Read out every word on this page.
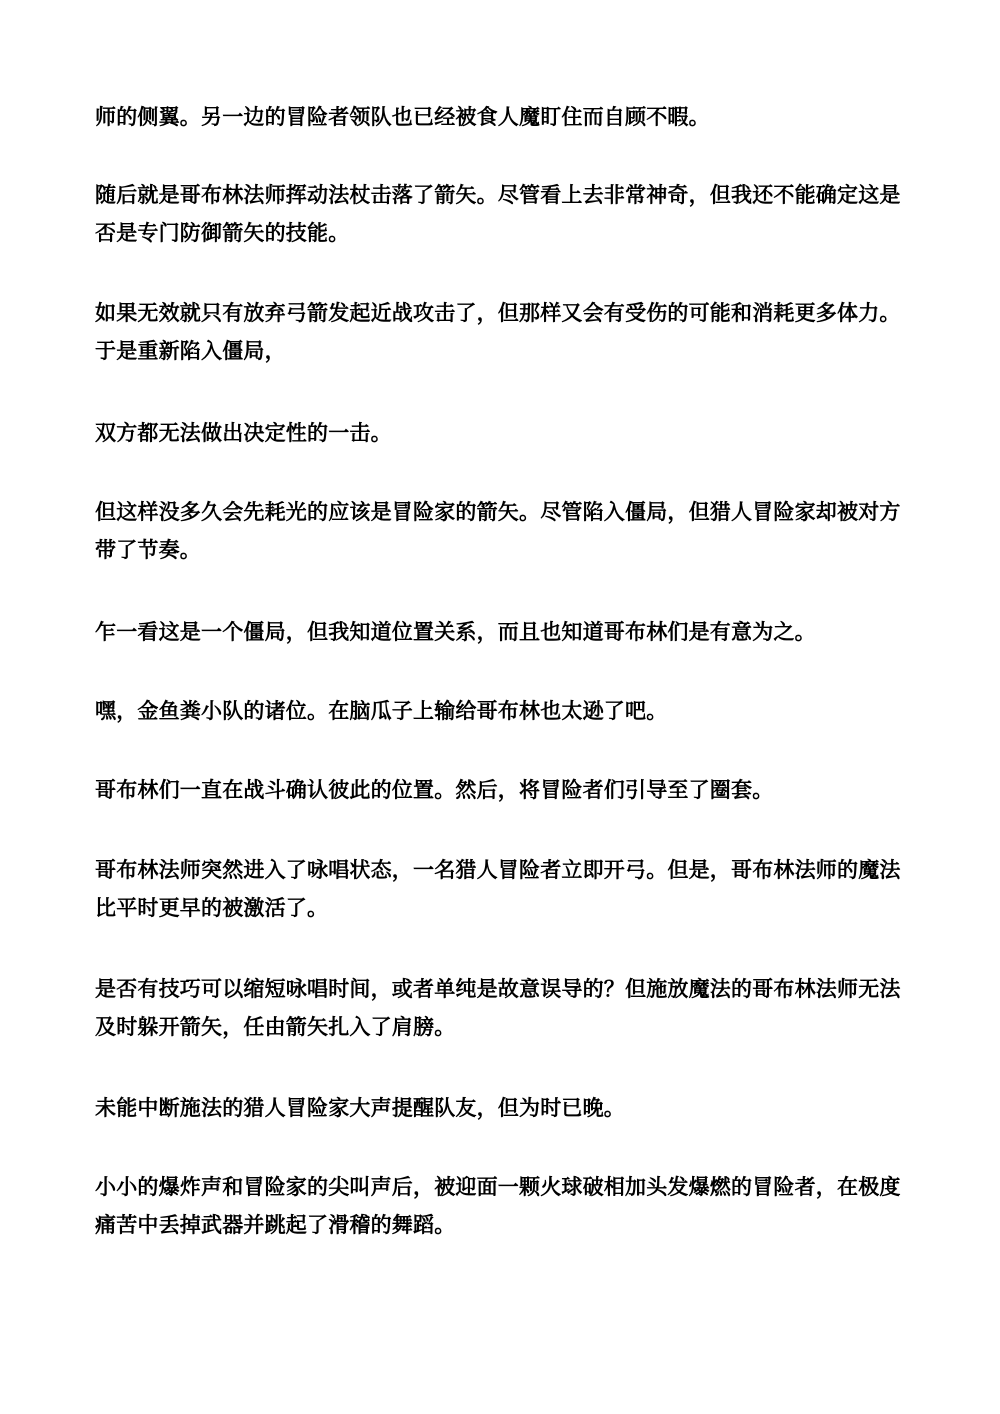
师的侧翼。另一边的冒险者领队也已经被食人魔盯住而自顾不暇。

随后就是哥布林法师挥动法杖击落了箭矢。尽管看上去非常神奇，但我还不能确定这是否是专门防御箭矢的技能。

如果无效就只有放弃弓箭发起近战攻击了，但那样又会有受伤的可能和消耗更多体力。于是重新陷入僵局，

双方都无法做出决定性的一击。

但这样没多久会先耗光的应该是冒险家的箭矢。尽管陷入僵局，但猎人冒险家却被对方带了节奏。

乍一看这是一个僵局，但我知道位置关系，而且也知道哥布林们是有意为之。

嘿，金鱼粪小队的诸位。在脑瓜子上输给哥布林也太逊了吧。

哥布林们一直在战斗确认彼此的位置。然后，将冒险者们引导至了圈套。

哥布林法师突然进入了咏唱状态，一名猎人冒险者立即开弓。但是，哥布林法师的魔法比平时更早的被激活了。

是否有技巧可以缩短咏唱时间，或者单纯是故意误导的？但施放魔法的哥布林法师无法及时躲开箭矢，任由箭矢扎入了肩膀。

未能中断施法的猎人冒险家大声提醒队友，但为时已晚。

小小的爆炸声和冒险家的尖叫声后，被迎面一颗火球破相加头发爆燃的冒险者，在极度痛苦中丢掉武器并跳起了滑稽的舞蹈。
